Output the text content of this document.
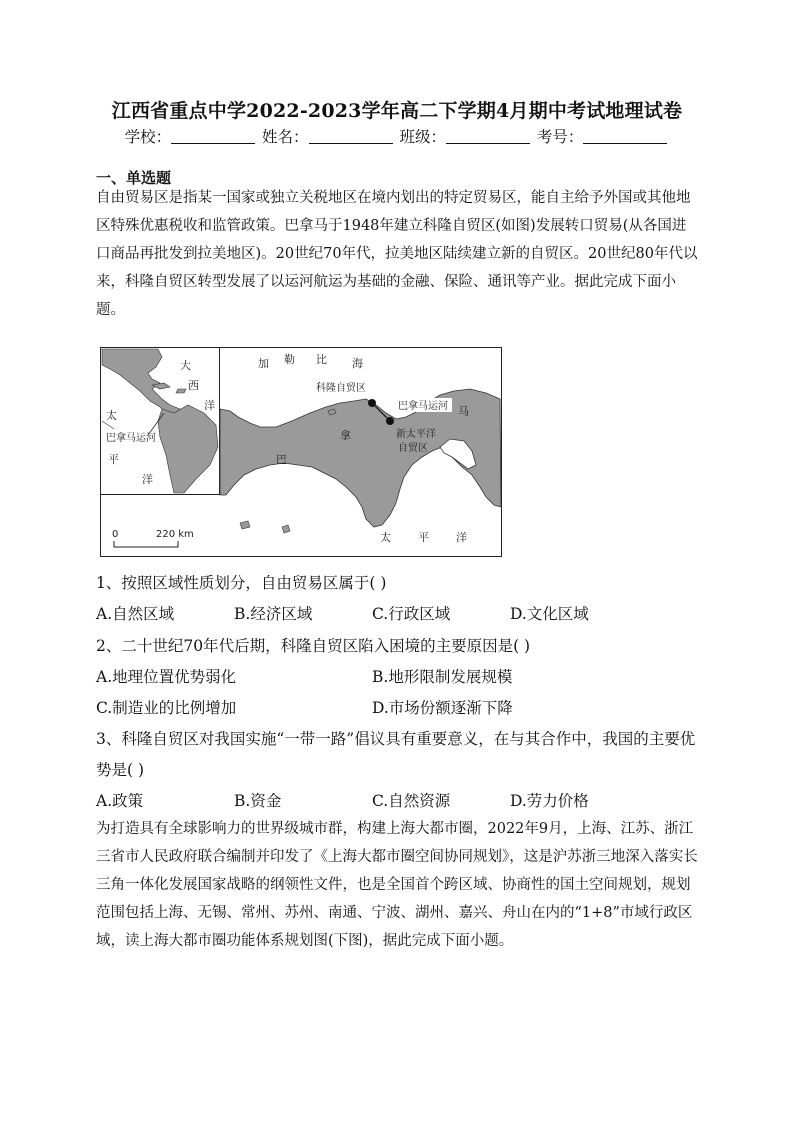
江西省重点中学2022-2023学年高二下学期4月期中考试地理试卷
学校：	姓名：	班级：	考号：
一、单选题
自由贸易区是指某一国家或独立关税地区在境内划出的特定贸易区，能自主给予外国或其他地区特殊优惠税收和监管政策。巴拿马于1948年建立科隆自贸区(如图)发展转口贸易(从各国进口商品再批发到拉美地区)。20世纪70年代，拉美地区陆续建立新的自贸区。20世纪80年代以来，科隆自贸区转型发展了以运河航运为基础的金融、保险、通讯等产业。据此完成下面小题。
大
西
洋
太
平
洋
巴拿马运河
加 勒 比 海
科隆自贸区
巴拿马运河
新太平洋
自贸区
巴
拿
马
太 平 洋
0	220 km
1、按照区域性质划分，自由贸易区属于( )
A.自然区域	B.经济区域	C.行政区域	D.文化区域
2、二十世纪70年代后期，科隆自贸区陷入困境的主要原因是( )
A.地理位置优势弱化	B.地形限制发展规模
C.制造业的比例增加	D.市场份额逐渐下降
3、科隆自贸区对我国实施“一带一路”倡议具有重要意义，在与其合作中，我国的主要优
势是( )
A.政策	B.资金	C.自然资源	D.劳力价格
为打造具有全球影响力的世界级城市群，构建上海大都市圈，2022年9月，上海、江苏、浙江三省市人民政府联合编制并印发了《上海大都市圈空间协同规划》，这是沪苏浙三地深入落实长三角一体化发展国家战略的纲领性文件，也是全国首个跨区域、协商性的国土空间规划，规划范围包括上海、无锡、常州、苏州、南通、宁波、湖州、嘉兴、舟山在内的“1+8”市域行政区域，读上海大都市圈功能体系规划图(下图)，据此完成下面小题。
